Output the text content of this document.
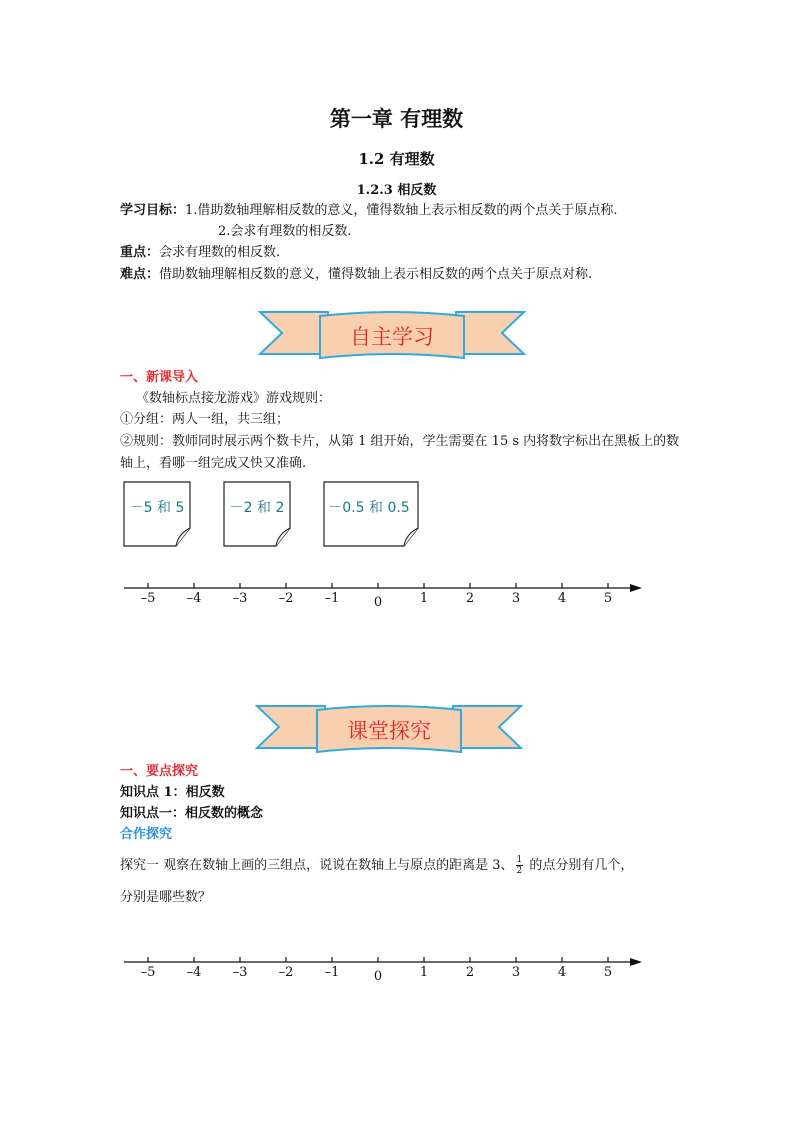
第一章 有理数
1.2 有理数
1.2.3 相反数
学习目标：1.借助数轴理解相反数的意义，懂得数轴上表示相反数的两个点关于原点称.
2.会求有理数的相反数.
重点：会求有理数的相反数.
难点：借助数轴理解相反数的意义，懂得数轴上表示相反数的两个点关于原点对称.
自主学习
一、新课导入
《数轴标点接龙游戏》游戏规则：
①分组：两人一组，共三组；
②规则：教师同时展示两个数卡片，从第 1 组开始，学生需要在 15 s 内将数字标出在黑板上的数轴上，看哪一组完成又快又准确.
－5 和 5	－2 和 2	－0.5 和 0.5
–5 –4 –3 –2 –1	0	1	2	3	4	5
课堂探究
一、要点探究
知识点 1：相反数
知识点一：相反数的概念
合作探究
探究一 观察在数轴上画的三组点，说说在数轴上与原点的距离是 3、 $\frac{1}{2}$ 的点分别有几个，
分别是哪些数？
–5 –4 –3 –2 –1	0	1	2	3	4	5
